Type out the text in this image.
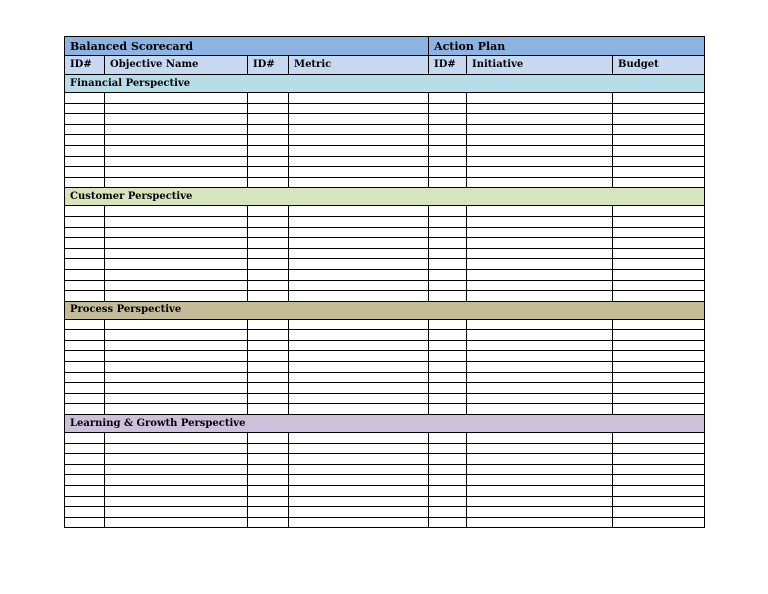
Balanced Scorecard				Action Plan		
ID#	Objective Name	ID#	Metric	ID#	Initiative	Budget
Financial Perspective						

Customer Perspective						

Process Perspective						

Learning & Growth Perspective						
